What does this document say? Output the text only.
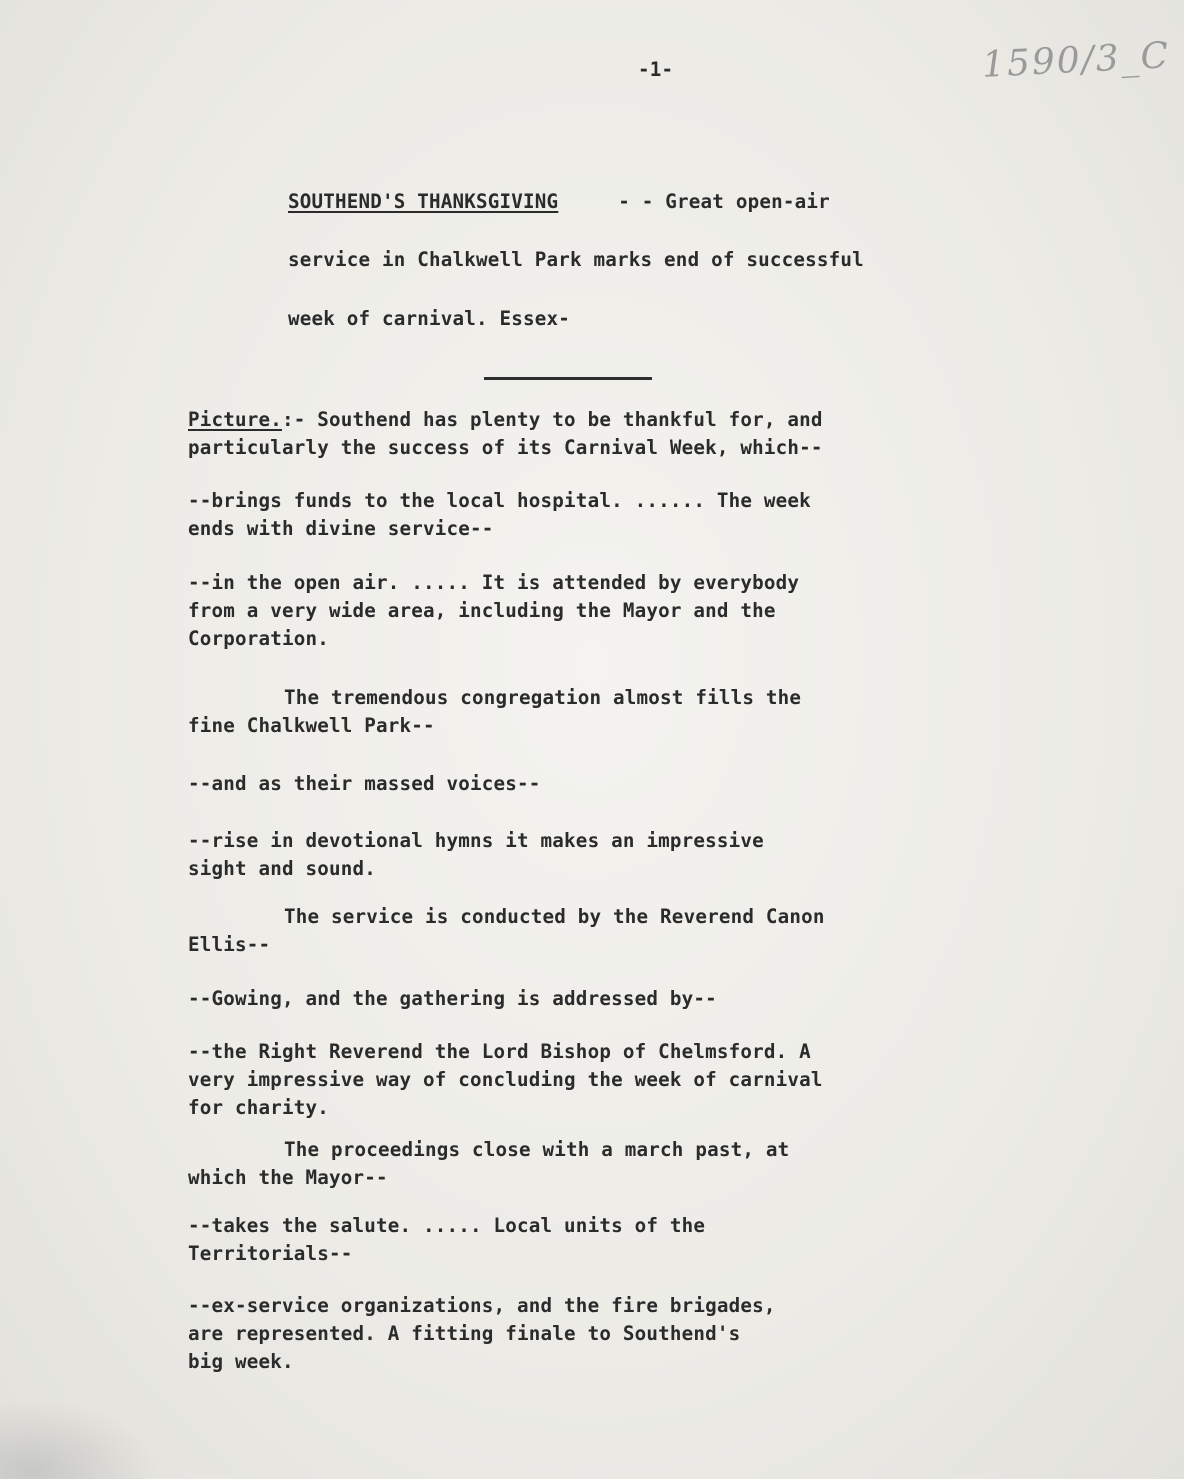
-1-	1590/3_C
SOUTHEND'S THANKSGIVING	- - Great open-air
service in Chalkwell Park marks end of successful
week of carnival. Essex-
Picture.:- Southend has plenty to be thankful for, and
particularly the success of its Carnival Week, which--
--brings funds to the local hospital. ...... The week
ends with divine service--
--in the open air. ..... It is attended by everybody
from a very wide area, including the Mayor and the
Corporation.
The tremendous congregation almost fills the
fine Chalkwell Park--
--and as their massed voices--
--rise in devotional hymns it makes an impressive
sight and sound.
The service is conducted by the Reverend Canon
Ellis--
--Gowing, and the gathering is addressed by--
--the Right Reverend the Lord Bishop of Chelmsford. A
very impressive way of concluding the week of carnival
for charity.
The proceedings close with a march past, at
which the Mayor--
--takes the salute. ..... Local units of the
Territorials--
--ex-service organizations, and the fire brigades,
are represented. A fitting finale to Southend's
big week.
